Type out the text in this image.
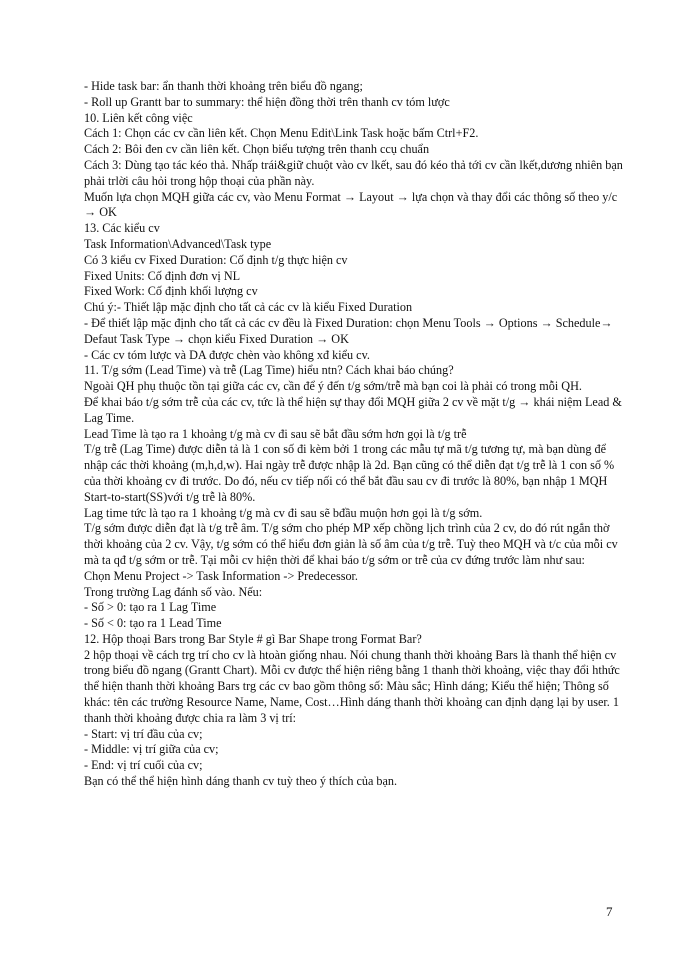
- Hide task bar: ẩn thanh thời khoảng trên biểu đồ ngang;

- Roll up Grantt bar to summary: thể hiện đồng thời trên thanh cv tóm lược

10. Liên kết công việc

Cách 1: Chọn các cv cần liên kết. Chọn Menu Edit\Link Task hoặc bấm Ctrl+F2.

Cách 2: Bôi đen cv cần liên kết. Chọn biểu tượng trên thanh ccụ chuẩn

Cách 3: Dùng tạo tác kéo thả. Nhấp trái&giữ chuột vào cv lkết, sau đó kéo thả tới cv cần lkết,dương nhiên bạn phải trlời câu hỏi trong hộp thoại của phần này.

Muốn lựa chọn MQH giữa các cv, vào Menu Format → Layout → lựa chọn và thay đổi các thông số theo y/c → OK

13. Các kiểu cv

Task Information\Advanced\Task type

Có 3 kiểu cv Fixed Duration: Cố định t/g thực hiện cv

Fixed Units: Cố định đơn vị NL

Fixed Work: Cố định khối lượng cv

Chú ý:- Thiết lập mặc định cho tất cả các cv là kiểu Fixed Duration

- Để thiết lập mặc định cho tất cả các cv đều là Fixed Duration: chọn Menu Tools → Options → Schedule→ Defaut Task Type → chọn kiểu Fixed Duration → OK

- Các cv tóm lược và DA được chèn vào không xđ kiểu cv.

11. T/g sớm (Lead Time) và trễ (Lag Time) hiểu ntn? Cách khai báo chúng?

Ngoài QH phụ thuộc tồn tại giữa các cv, cần để ý đến t/g sớm/trễ mà bạn coi là phải có trong mỗi QH.

Để khai báo t/g sớm trễ của các cv, tức là thể hiện sự thay đổi MQH giữa 2 cv về mặt t/g → khái niệm Lead & Lag Time.

Lead Time là tạo ra 1 khoảng t/g mà cv đi sau sẽ bắt đầu sớm hơn gọi là t/g trễ

T/g trễ (Lag Time) được diễn tả là 1 con số đi kèm bởi 1 trong các mẫu tự mã t/g tương tự, mà bạn dùng để nhập các thời khoảng (m,h,d,w). Hai ngày trễ được nhập là 2d. Bạn cũng có thể diễn đạt t/g trễ là 1 con số % của thời khoảng cv đi trước. Do đó, nếu cv tiếp nối có thể bắt đầu sau cv đi trước là 80%, bạn nhập 1 MQH Start-to-start(SS)với t/g trễ là 80%.

Lag time tức là tạo ra 1 khoảng t/g mà cv đi sau sẽ bđầu muộn hơn gọi là t/g sớm.

T/g sớm được diễn đạt là t/g trễ âm. T/g sớm cho phép MP xếp chồng lịch trình của 2 cv, do đó rút ngắn thờ thời khoảng của 2 cv. Vậy, t/g sớm có thể hiểu đơn giản là số âm của t/g trễ. Tuỳ theo MQH và t/c của mỗi cv mà ta qđ t/g sớm or trễ. Tại mỗi cv hiện thời để khai báo t/g sớm or trễ của cv đứng trước làm như sau:

Chọn Menu Project -> Task Information -> Predecessor.

Trong trường Lag đánh số vào. Nếu:

- Số > 0: tạo ra 1 Lag Time

- Số < 0: tạo ra 1 Lead Time

12. Hộp thoại Bars trong Bar Style # gì Bar Shape trong Format Bar?

2 hộp thoại về cách trg trí cho cv là htoàn giống nhau. Nói chung thanh thời khoảng Bars là thanh thể hiện cv trong biểu đồ ngang (Grantt Chart). Mỗi cv được thể hiện riêng bằng 1 thanh thời khoảng, việc thay đổi hthức thể hiện thanh thời khoảng Bars trg các cv bao gồm thông số: Màu sắc; Hình dáng; Kiểu thể hiện; Thông số khác: tên các trường Resource Name, Name, Cost…Hình dáng thanh thời khoảng can định dạng lại by user. 1 thanh thời khoảng được chia ra làm 3 vị trí:

- Start: vị trí đầu của cv;

- Middle: vị trí giữa của cv;

- End: vị trí cuối của cv;

Bạn có thể thể hiện hình dáng thanh cv tuỳ theo ý thích của bạn.

7
